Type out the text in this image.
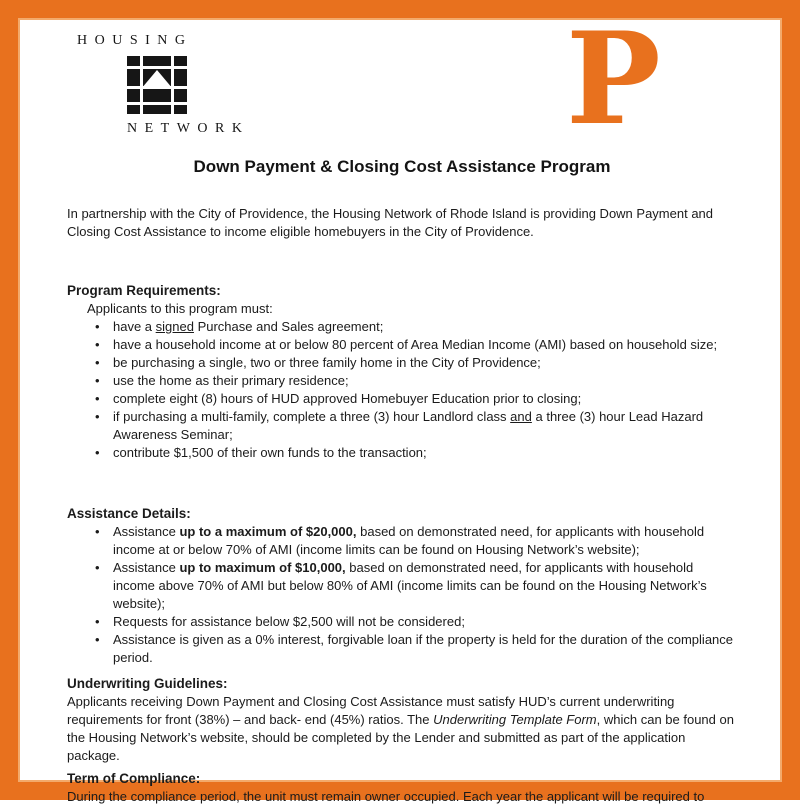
HOUSING
NETWORK	P
Down Payment & Closing Cost Assistance Program

In partnership with the City of Providence, the Housing Network of Rhode Island is providing Down Payment and Closing Cost Assistance to income eligible homebuyers in the City of Providence.

Program Requirements:

Applicants to this program must:

• have a signed Purchase and Sales agreement;
• have a household income at or below 80 percent of Area Median Income (AMI) based on household size;
• be purchasing a single, two or three family home in the City of Providence;
• use the home as their primary residence;
• complete eight (8) hours of HUD approved Homebuyer Education prior to closing;
• if purchasing a multi-family, complete a three (3) hour Landlord class and a three (3) hour Lead Hazard Awareness Seminar;
• contribute $1,500 of their own funds to the transaction;
Assistance Details:
• Assistance up to a maximum of $20,000, based on demonstrated need, for applicants with household income at or below 70% of AMI (income limits can be found on Housing Network’s website);
• Assistance up to maximum of $10,000, based on demonstrated need, for applicants with household income above 70% of AMI but below 80% of AMI (income limits can be found on the Housing Network’s website);
• Requests for assistance below $2,500 will not be considered;
• Assistance is given as a 0% interest, forgivable loan if the property is held for the duration of the compliance period.
Underwriting Guidelines:

Applicants receiving Down Payment and Closing Cost Assistance must satisfy HUD’s current underwriting requirements for front (38%) – and back- end (45%) ratios. The Underwriting Template Form, which can be found on the Housing Network’s website, should be completed by the Lender and submitted as part of the application package.

Term of Compliance:

During the compliance period, the unit must remain owner occupied. Each year the applicant will be required to
